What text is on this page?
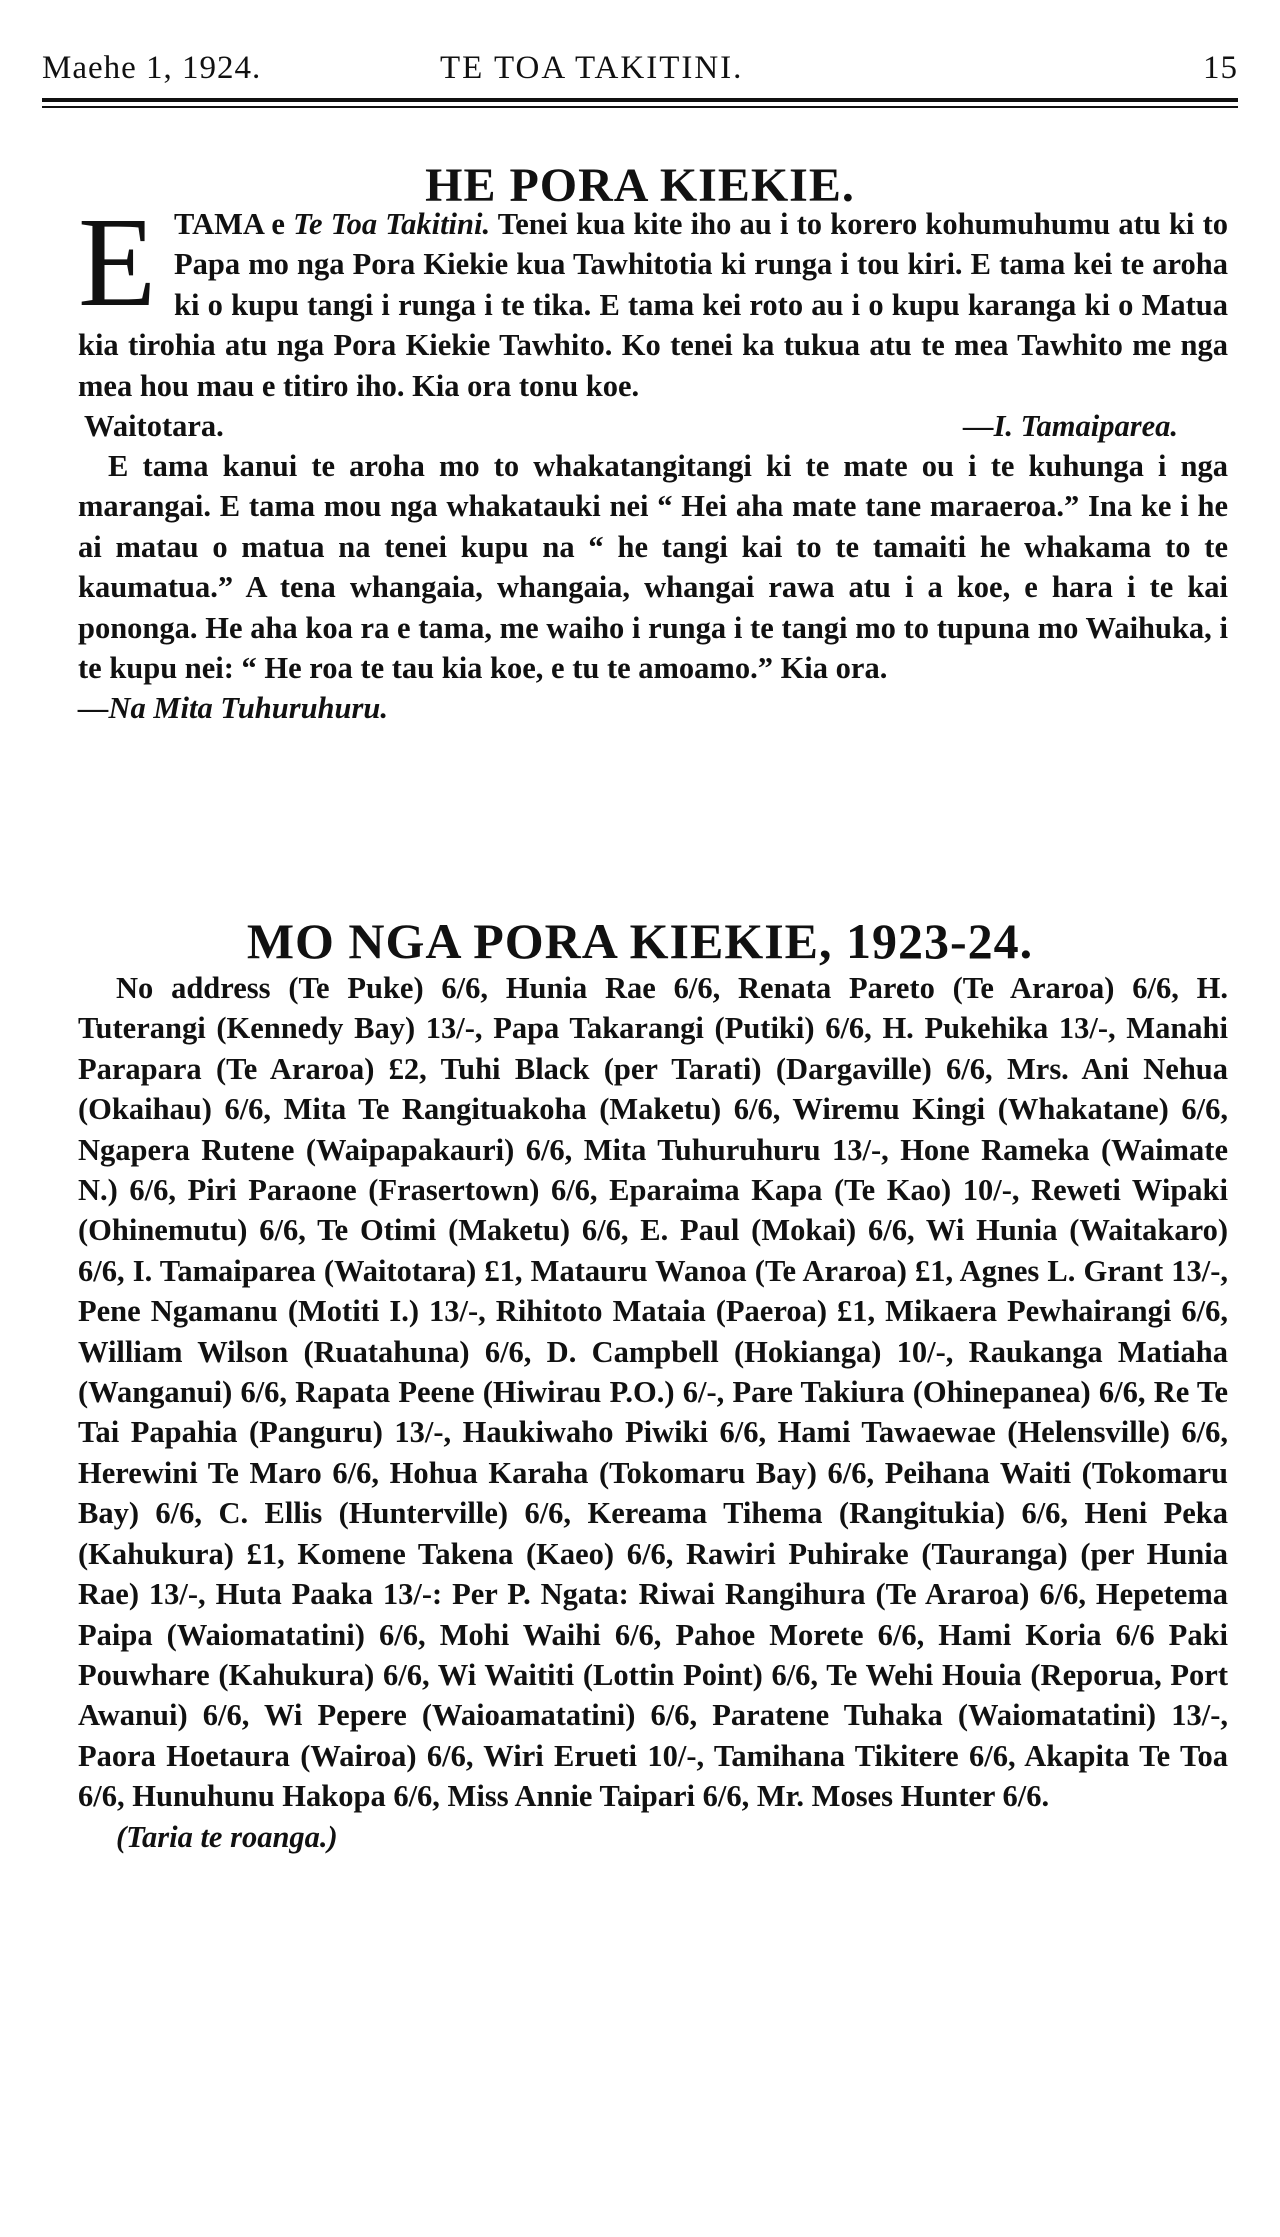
Maehe 1, 1924.	TE TOA TAKITINI.	15
HE PORA KIEKIE.

E TAMA e Te Toa Takitini. Tenei kua kite iho au i to korero kohumuhumu atu ki to Papa mo nga Pora Kiekie kua Tawhitotia ki runga i tou kiri. E tama kei te aroha ki o kupu tangi i runga i te tika. E tama kei roto au i o kupu karanga ki o Matua kia tirohia atu nga Pora Kiekie Tawhito. Ko tenei ka tukua atu te mea Tawhito me nga mea hou mau e titiro iho. Kia ora tonu koe.

Waitotara.	—I. Tamaiparea.

E tama kanui te aroha mo to whakatangitangi ki te mate ou i te kuhunga i nga marangai. E tama mou nga whakatauki nei “ Hei aha mate tane maraeroa.” Ina ke i he ai matau o matua na tenei kupu na “ he tangi kai to te tamaiti he whakama to te kaumatua.” A tena whangaia, whangaia, whangai rawa atu i a koe, e hara i te kai pononga. He aha koa ra e tama, me waiho i runga i te tangi mo to tupuna mo Waihuka, i te kupu nei: “ He roa te tau kia koe, e tu te amoamo.” Kia ora.

—Na Mita Tuhuruhuru.

MO NGA PORA KIEKIE, 1923-24.

No address (Te Puke) 6/6, Hunia Rae 6/6, Renata Pareto (Te Araroa) 6/6, H. Tuterangi (Kennedy Bay) 13/-, Papa Takarangi (Putiki) 6/6, H. Pukehika 13/-, Manahi Parapara (Te Araroa) £2, Tuhi Black (per Tarati) (Dargaville) 6/6, Mrs. Ani Nehua (Okaihau) 6/6, Mita Te Rangituakoha (Maketu) 6/6, Wiremu Kingi (Whakatane) 6/6, Ngapera Rutene (Waipapakauri) 6/6, Mita Tuhuruhuru 13/-, Hone Rameka (Waimate N.) 6/6, Piri Paraone (Frasertown) 6/6, Eparaima Kapa (Te Kao) 10/-, Reweti Wipaki (Ohinemutu) 6/6, Te Otimi (Maketu) 6/6, E. Paul (Mokai) 6/6, Wi Hunia (Waitakaro) 6/6, I. Tamaiparea (Waitotara) £1, Matauru Wanoa (Te Araroa) £1, Agnes L. Grant 13/-, Pene Ngamanu (Motiti I.) 13/-, Rihitoto Mataia (Paeroa) £1, Mikaera Pewhairangi 6/6, William Wilson (Ruatahuna) 6/6, D. Campbell (Hokianga) 10/-, Raukanga Matiaha (Wanganui) 6/6, Rapata Peene (Hiwirau P.O.) 6/-, Pare Takiura (Ohinepanea) 6/6, Re Te Tai Papahia (Panguru) 13/-, Haukiwaho Piwiki 6/6, Hami Tawaewae (Helensville) 6/6, Herewini Te Maro 6/6, Hohua Karaha (Tokomaru Bay) 6/6, Peihana Waiti (Tokomaru Bay) 6/6, C. Ellis (Hunterville) 6/6, Kereama Tihema (Rangitukia) 6/6, Heni Peka (Kahukura) £1, Komene Takena (Kaeo) 6/6, Rawiri Puhirake (Tauranga) (per Hunia Rae) 13/-, Huta Paaka 13/-: Per P. Ngata: Riwai Rangihura (Te Araroa) 6/6, Hepetema Paipa (Waiomatatini) 6/6, Mohi Waihi 6/6, Pahoe Morete 6/6, Hami Koria 6/6 Paki Pouwhare (Kahukura) 6/6, Wi Waititi (Lottin Point) 6/6, Te Wehi Houia (Reporua, Port Awanui) 6/6, Wi Pepere (Waioamatatini) 6/6, Paratene Tuhaka (Waiomatatini) 13/-, Paora Hoetaura (Wairoa) 6/6, Wiri Erueti 10/-, Tamihana Tikitere 6/6, Akapita Te Toa 6/6, Hunuhunu Hakopa 6/6, Miss Annie Taipari 6/6, Mr. Moses Hunter 6/6.

(Taria te roanga.)
